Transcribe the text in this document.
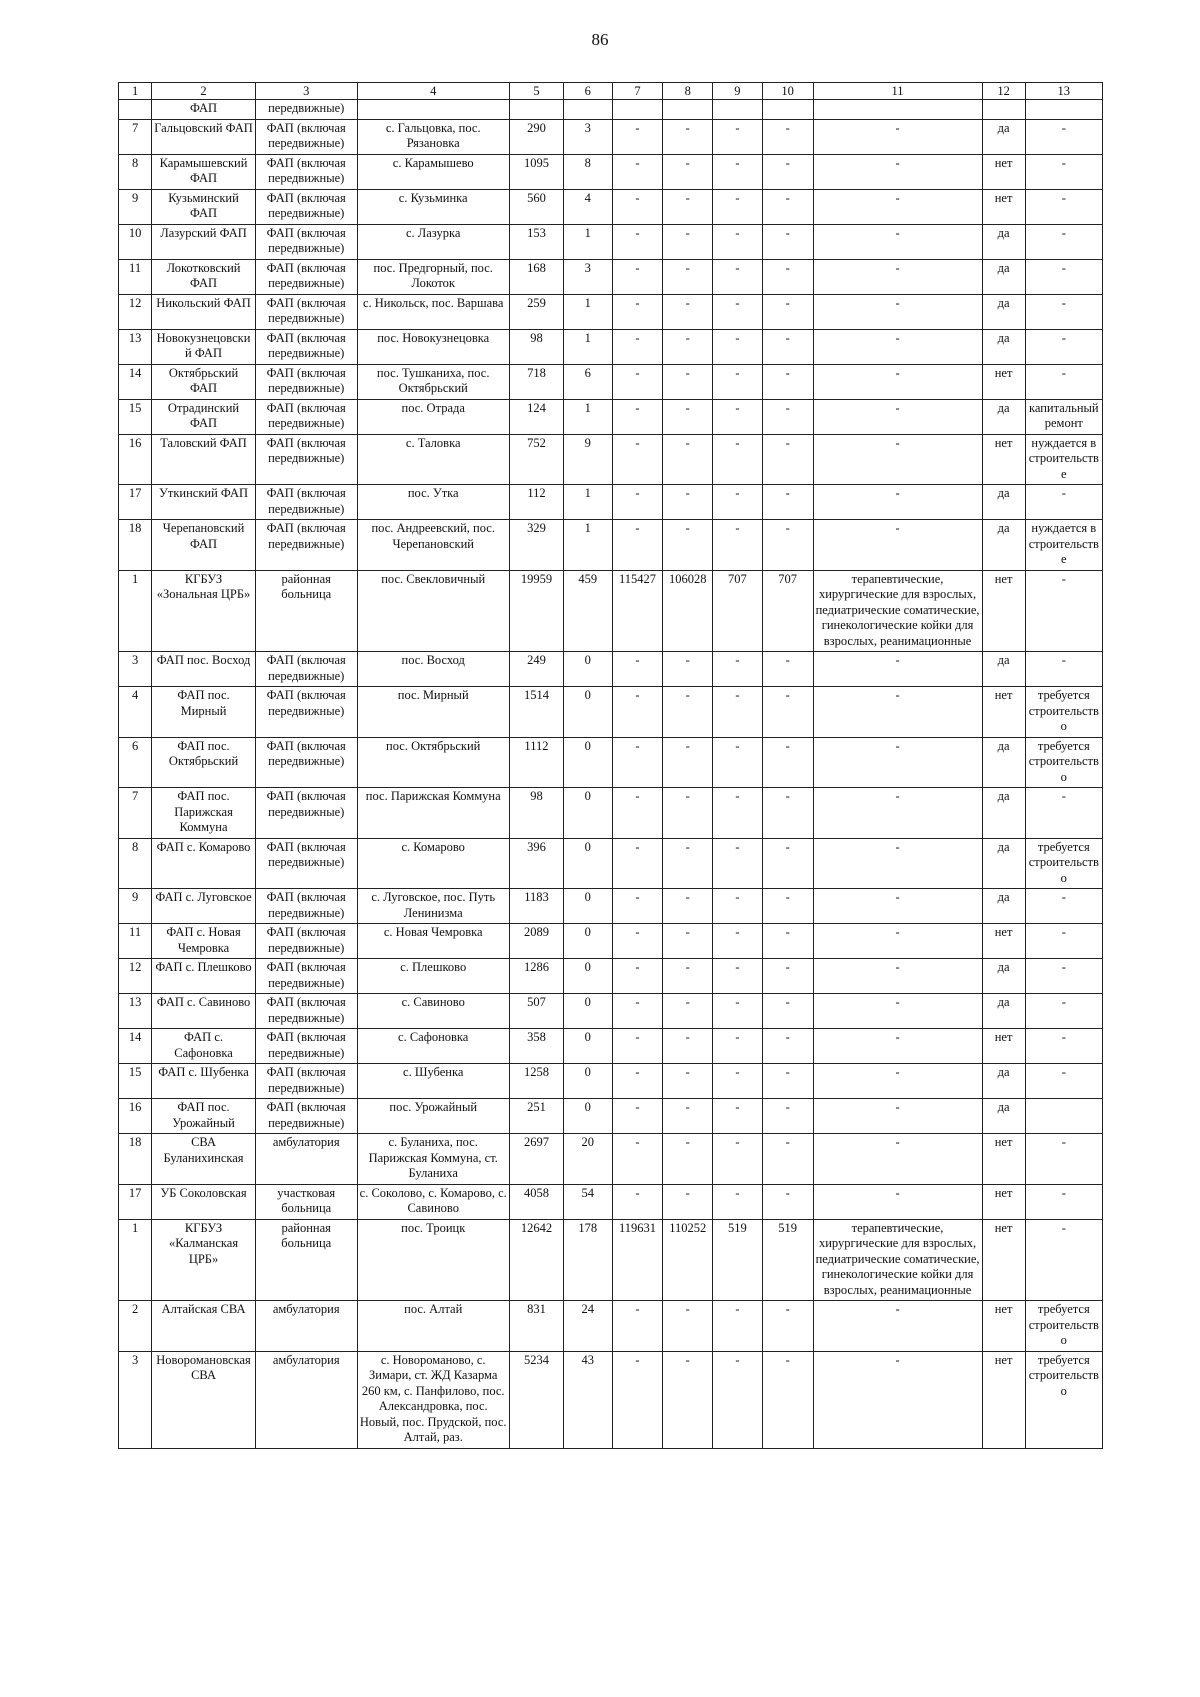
86
1	2	3	4	5	6	7	8	9	10	11	12	13
	ФАП	передвижные)										
7	Гальцовский ФАП	ФАП (включая передвижные)	с. Гальцовка, пос. Рязановка	290	3	-	-	-	-	-	да	-
8	Карамышевский ФАП	ФАП (включая передвижные)	с. Карамышево	1095	8	-	-	-	-	-	нет	-
9	Кузьминский ФАП	ФАП (включая передвижные)	с. Кузьминка	560	4	-	-	-	-	-	нет	-
10	Лазурский ФАП	ФАП (включая передвижные)	с. Лазурка	153	1	-	-	-	-	-	да	-
11	Локотковский ФАП	ФАП (включая передвижные)	пос. Предгорный, пос. Локоток	168	3	-	-	-	-	-	да	-
12	Никольский ФАП	ФАП (включая передвижные)	с. Никольск, пос. Варшава	259	1	-	-	-	-	-	да	-
13	Новокузнецовский ФАП	ФАП (включая передвижные)	пос. Новокузнецовка	98	1	-	-	-	-	-	да	-
14	Октябрьский ФАП	ФАП (включая передвижные)	пос. Тушканиха, пос. Октябрьский	718	6	-	-	-	-	-	нет	-
15	Отрадинский ФАП	ФАП (включая передвижные)	пос. Отрада	124	1	-	-	-	-	-	да	капитальный ремонт
16	Таловский ФАП	ФАП (включая передвижные)	с. Таловка	752	9	-	-	-	-	-	нет	нуждается в строительстве
17	Уткинский ФАП	ФАП (включая передвижные)	пос. Утка	112	1	-	-	-	-	-	да	-
18	Черепановский ФАП	ФАП (включая передвижные)	пос. Андреевский, пос. Черепановский	329	1	-	-	-	-	-	да	нуждается в строительстве
1	КГБУЗ «Зональная ЦРБ»	районная больница	пос. Свекловичный	19959	459	115427	106028	707	707	терапевтические, хирургические для взрослых, педиатрические соматические, гинекологические койки для взрослых, реанимационные	нет	-
3	ФАП пос. Восход	ФАП (включая передвижные)	пос. Восход	249	0	-	-	-	-	-	да	-
4	ФАП пос. Мирный	ФАП (включая передвижные)	пос. Мирный	1514	0	-	-	-	-	-	нет	требуется строительство
6	ФАП пос. Октябрьский	ФАП (включая передвижные)	пос. Октябрьский	1112	0	-	-	-	-	-	да	требуется строительство
7	ФАП пос. Парижская Коммуна	ФАП (включая передвижные)	пос. Парижская Коммуна	98	0	-	-	-	-	-	да	-
8	ФАП с. Комарово	ФАП (включая передвижные)	с. Комарово	396	0	-	-	-	-	-	да	требуется строительство
9	ФАП с. Луговское	ФАП (включая передвижные)	с. Луговское, пос. Путь Ленинизма	1183	0	-	-	-	-	-	да	-
11	ФАП с. Новая Чемровка	ФАП (включая передвижные)	с. Новая Чемровка	2089	0	-	-	-	-	-	нет	-
12	ФАП с. Плешково	ФАП (включая передвижные)	с. Плешково	1286	0	-	-	-	-	-	да	-
13	ФАП с. Савиново	ФАП (включая передвижные)	с. Савиново	507	0	-	-	-	-	-	да	-
14	ФАП с. Сафоновка	ФАП (включая передвижные)	с. Сафоновка	358	0	-	-	-	-	-	нет	-
15	ФАП с. Шубенка	ФАП (включая передвижные)	с. Шубенка	1258	0	-	-	-	-	-	да	-
16	ФАП пос. Урожайный	ФАП (включая передвижные)	пос. Урожайный	251	0	-	-	-	-	-	да	
18	СВА Буланихинская	амбулатория	с. Буланиха, пос. Парижская Коммуна, ст. Буланиха	2697	20	-	-	-	-	-	нет	-
17	УБ Соколовская	участковая больница	с. Соколово, с. Комарово, с. Савиново	4058	54	-	-	-	-	-	нет	-
1	КГБУЗ «Калманская ЦРБ»	районная больница	пос. Троицк	12642	178	119631	110252	519	519	терапевтические, хирургические для взрослых, педиатрические соматические, гинекологические койки для взрослых, реанимационные	нет	-
2	Алтайская СВА	амбулатория	пос. Алтай	831	24	-	-	-	-	-	нет	требуется строительство
3	Новоромановская СВА	амбулатория	с. Новороманово, с. Зимари, ст. ЖД Казарма 260 км, с. Панфилово, пос. Александровка, пос. Новый, пос. Прудской, пос. Алтай, раз.	5234	43	-	-	-	-	-	нет	требуется строительство
